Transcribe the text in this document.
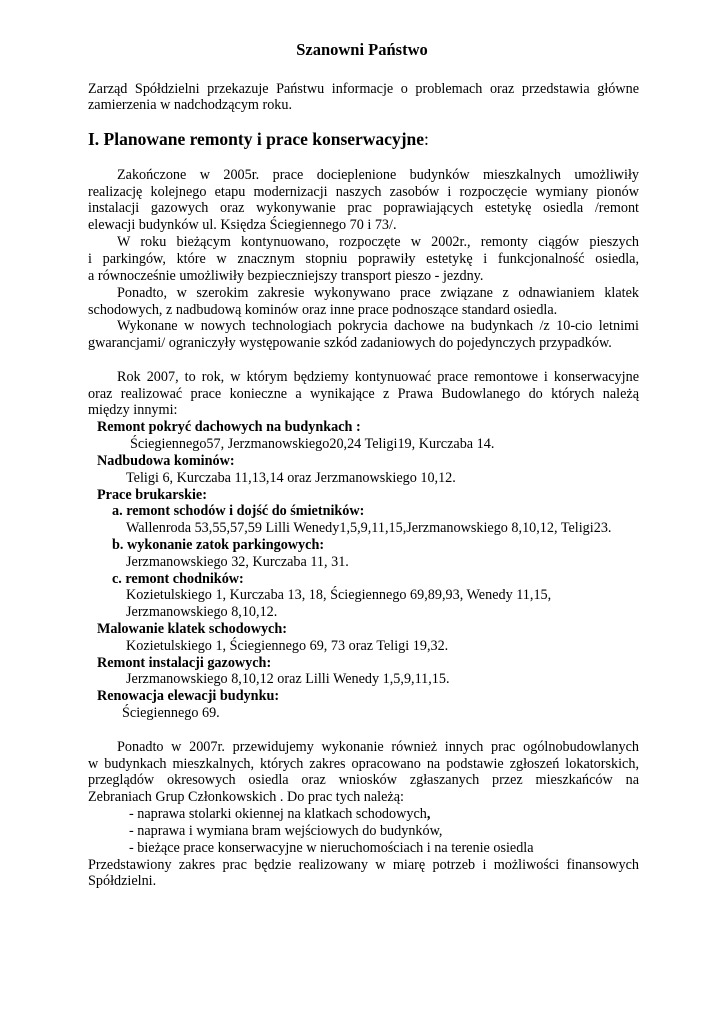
Szanowni Państwo
Zarząd Spółdzielni przekazuje Państwu informacje o problemach oraz przedstawia główne
zamierzenia w nadchodzącym roku.
I. Planowane remonty i prace konserwacyjne:
Zakończone w 2005r. prace docieplenione budynków mieszkalnych umożliwiły
realizację kolejnego etapu modernizacji naszych zasobów i rozpoczęcie wymiany pionów
instalacji gazowych oraz wykonywanie prac poprawiających estetykę osiedla /remont
elewacji budynków ul. Księdza Ściegiennego 70 i 73/.
W roku bieżącym kontynuowano, rozpoczęte w 2002r., remonty ciągów pieszych
i parkingów, które w znacznym stopniu poprawiły estetykę i funkcjonalność osiedla,
a równocześnie umożliwiły bezpieczniejszy transport pieszo - jezdny.
Ponadto, w szerokim zakresie wykonywano prace związane z odnawianiem klatek
schodowych, z nadbudową kominów oraz inne prace podnoszące standard osiedla.
Wykonane w nowych technologiach pokrycia dachowe na budynkach /z 10-cio letnimi
gwarancjami/ ograniczyły występowanie szkód zadaniowych do pojedynczych przypadków.
Rok 2007, to rok, w którym będziemy kontynuować prace remontowe i konserwacyjne
oraz realizować prace konieczne a wynikające z Prawa Budowlanego do których należą
między innymi:
Remont pokryć dachowych na budynkach :
Ściegiennego57, Jerzmanowskiego20,24 Teligi19, Kurczaba 14.
Nadbudowa kominów:
Teligi 6, Kurczaba 11,13,14 oraz Jerzmanowskiego 10,12.
Prace brukarskie:
a. remont schodów i dojść do śmietników:
Wallenroda 53,55,57,59 Lilli Wenedy1,5,9,11,15,Jerzmanowskiego 8,10,12, Teligi23.
b. wykonanie zatok parkingowych:
Jerzmanowskiego 32, Kurczaba 11, 31.
c. remont chodników:
Kozietulskiego 1, Kurczaba 13, 18, Ściegiennego 69,89,93, Wenedy 11,15,
Jerzmanowskiego 8,10,12.
Malowanie klatek schodowych:
Kozietulskiego 1, Ściegiennego 69, 73 oraz Teligi 19,32.
Remont instalacji gazowych:
Jerzmanowskiego 8,10,12 oraz Lilli Wenedy 1,5,9,11,15.
Renowacja elewacji budynku:
Ściegiennego 69.
Ponadto w 2007r. przewidujemy wykonanie również innych prac ogólnobudowlanych
w budynkach mieszkalnych, których zakres opracowano na podstawie zgłoszeń lokatorskich,
przeglądów okresowych osiedla oraz wniosków zgłaszanych przez mieszkańców na
Zebraniach Grup Członkowskich . Do prac tych należą:
- naprawa stolarki okiennej na klatkach schodowych,
- naprawa i wymiana bram wejściowych do budynków,
- bieżące prace konserwacyjne w nieruchomościach i na terenie osiedla
Przedstawiony zakres prac będzie realizowany w miarę potrzeb i możliwości finansowych
Spółdzielni.
